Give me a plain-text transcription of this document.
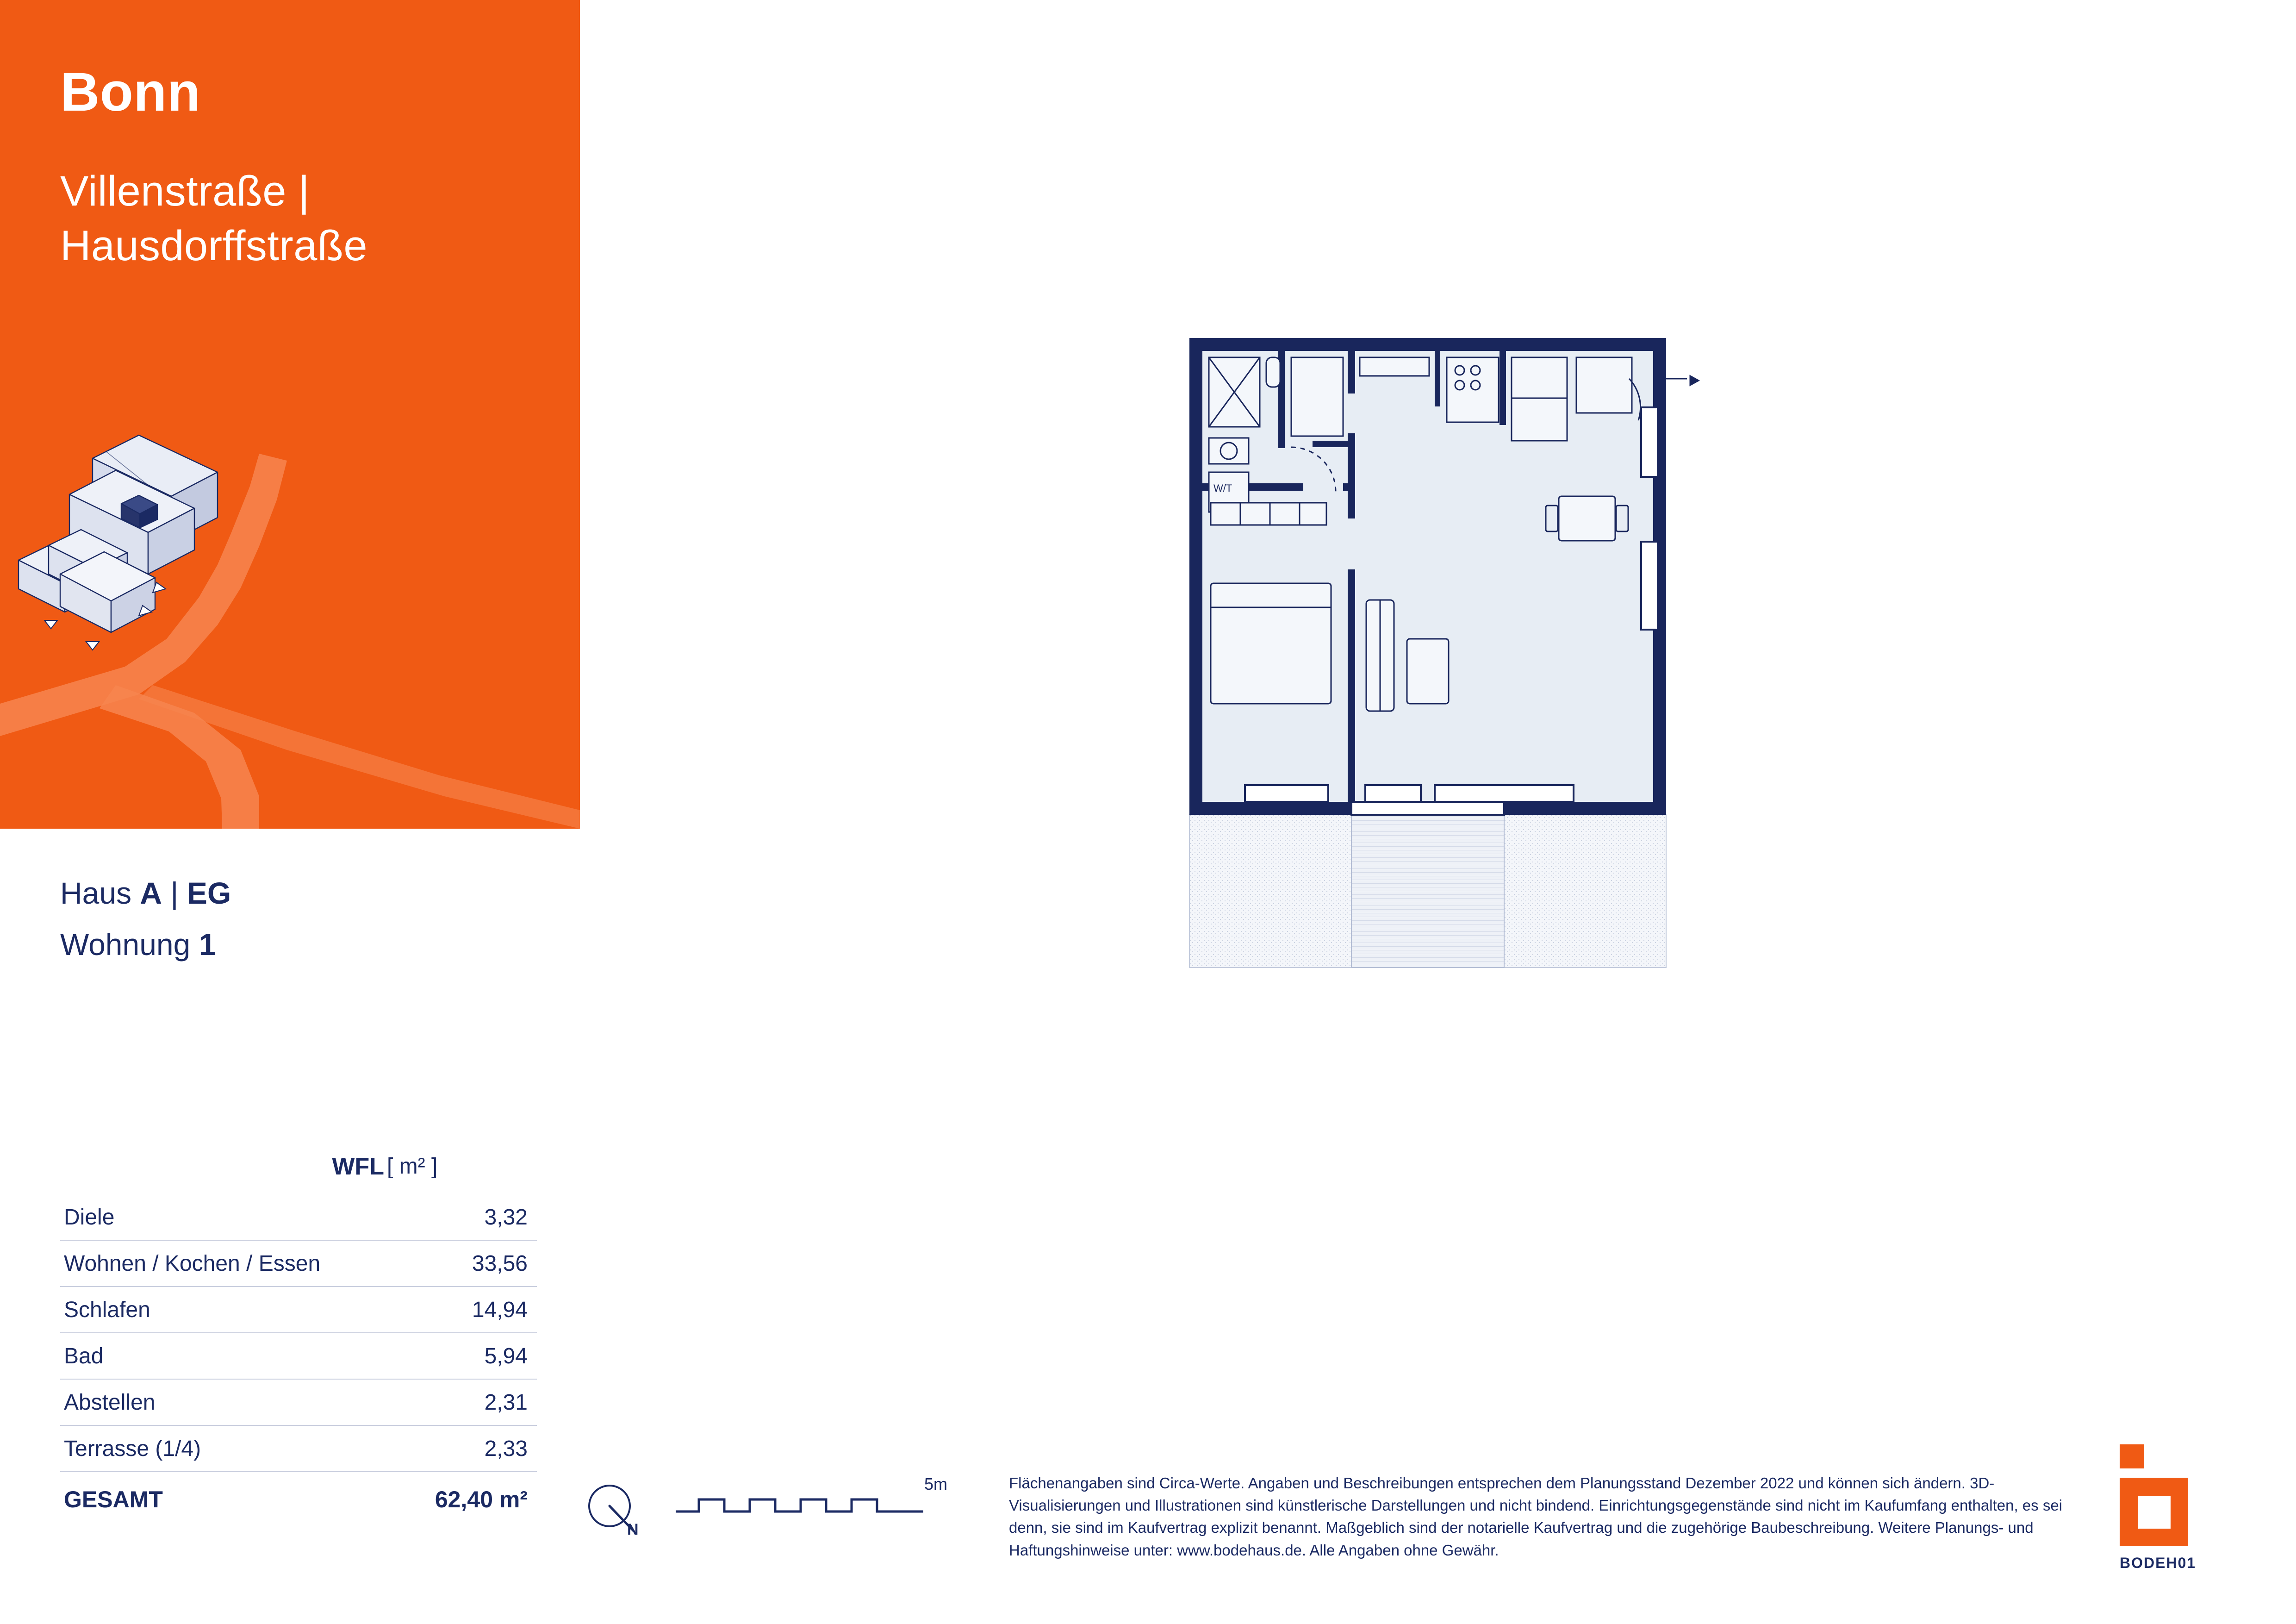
Bonn
Villenstraße |
Hausdorffstraße
Haus A | EG
Wohnung 1
WFL [ m² ]
Diele	3,32
Wohnen / Kochen / Essen	33,56
Schlafen	14,94
Bad	5,94
Abstellen	2,31
Terrasse (1/4)	2,33
GESAMT	62,40 m²
N
5m	Flächenangaben sind Circa-Werte. Angaben und Beschreibungen entsprechen dem Planungsstand Dezember 2022 und können sich ändern. 3D-Visualisierungen und Illustrationen sind künstlerische Darstellungen und nicht bindend. Einrichtungsgegenstände sind nicht im Kaufumfang enthalten, es sei denn, sie sind im Kaufvertrag explizit benannt. Maßgeblich sind der notarielle Kaufvertrag und die zugehörige Baubeschreibung. Weitere Planungs- und Haftungshinweise unter: www.bodehaus.de. Alle Angaben ohne Gewähr.
BODEH01
W/T
